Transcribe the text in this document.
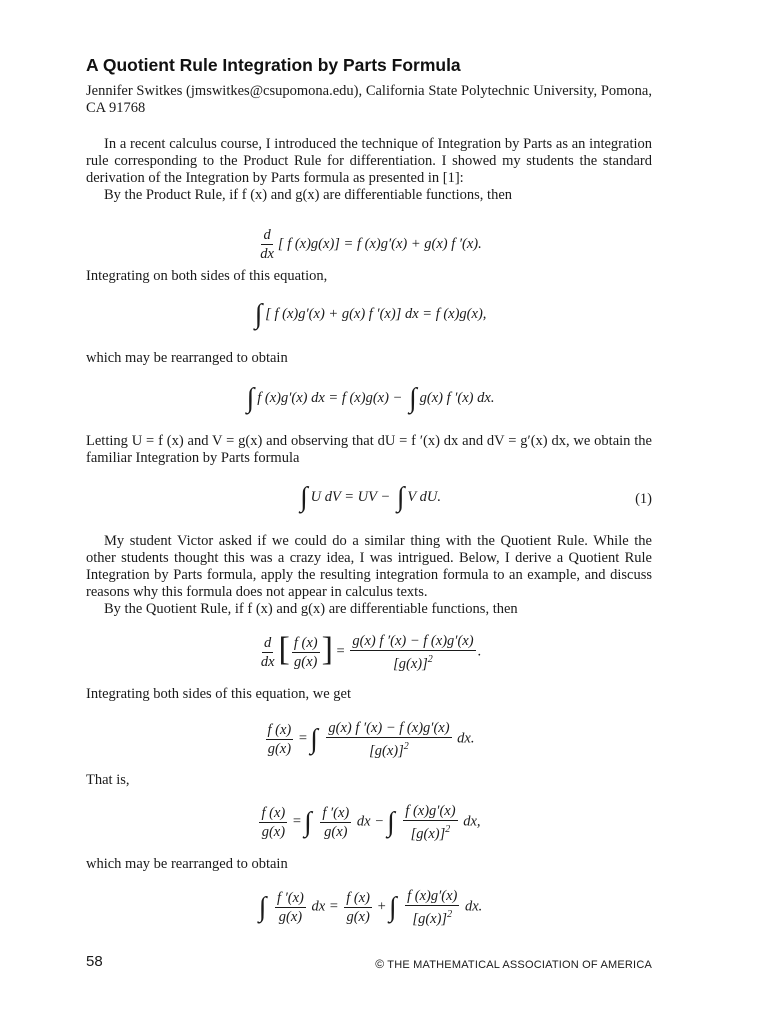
A Quotient Rule Integration by Parts Formula

Jennifer Switkes (jmswitkes@csupomona.edu), California State Polytechnic University, Pomona, CA 91768

In a recent calculus course, I introduced the technique of Integration by Parts as an integration rule corresponding to the Product Rule for differentiation. I showed my students the standard derivation of the Integration by Parts formula as presented in [1]:

By the Product Rule, if f (x) and g(x) are differentiable functions, then

$\frac{d}{dx}$ [ f (x)g(x)] = f (x)g′(x) + g(x) f ′(x).

Integrating on both sides of this equation,

∫ [ f (x)g′(x) + g(x) f ′(x)] dx = f (x)g(x),

which may be rearranged to obtain

∫ f (x)g′(x) dx = f (x)g(x) − ∫ g(x) f ′(x) dx.

Letting U = f (x) and V = g(x) and observing that dU = f ′(x) dx and dV = g′(x) dx, we obtain the familiar Integration by Parts formula

∫ U dV = UV − ∫ V dU.	(1)

My student Victor asked if we could do a similar thing with the Quotient Rule. While the other students thought this was a crazy idea, I was intrigued. Below, I derive a Quotient Rule Integration by Parts formula, apply the resulting integration formula to an example, and discuss reasons why this formula does not appear in calculus texts.

By the Quotient Rule, if f (x) and g(x) are differentiable functions, then

$\frac{d}{dx}$ [ $\frac{f (x)}{g(x)}$ ] = $\frac{g(x) f '(x) - f (x)g'(x)}{[g(x)]^2}$ .

Integrating both sides of this equation, we get

$\frac{f (x)}{g(x)}$ = ∫ $\frac{g(x) f '(x) - f (x)g'(x)}{[g(x)]^2}$ dx.

That is,

$\frac{f (x)}{g(x)}$ = ∫ $\frac{f '(x)}{g(x)}$ dx − ∫ $\frac{f (x)g'(x)}{[g(x)]^2}$ dx,

which may be rearranged to obtain

∫ $\frac{f '(x)}{g(x)}$ dx = $\frac{f (x)}{g(x)}$ + ∫ $\frac{f (x)g'(x)}{[g(x)]^2}$ dx.
58	© THE MATHEMATICAL ASSOCIATION OF AMERICA
